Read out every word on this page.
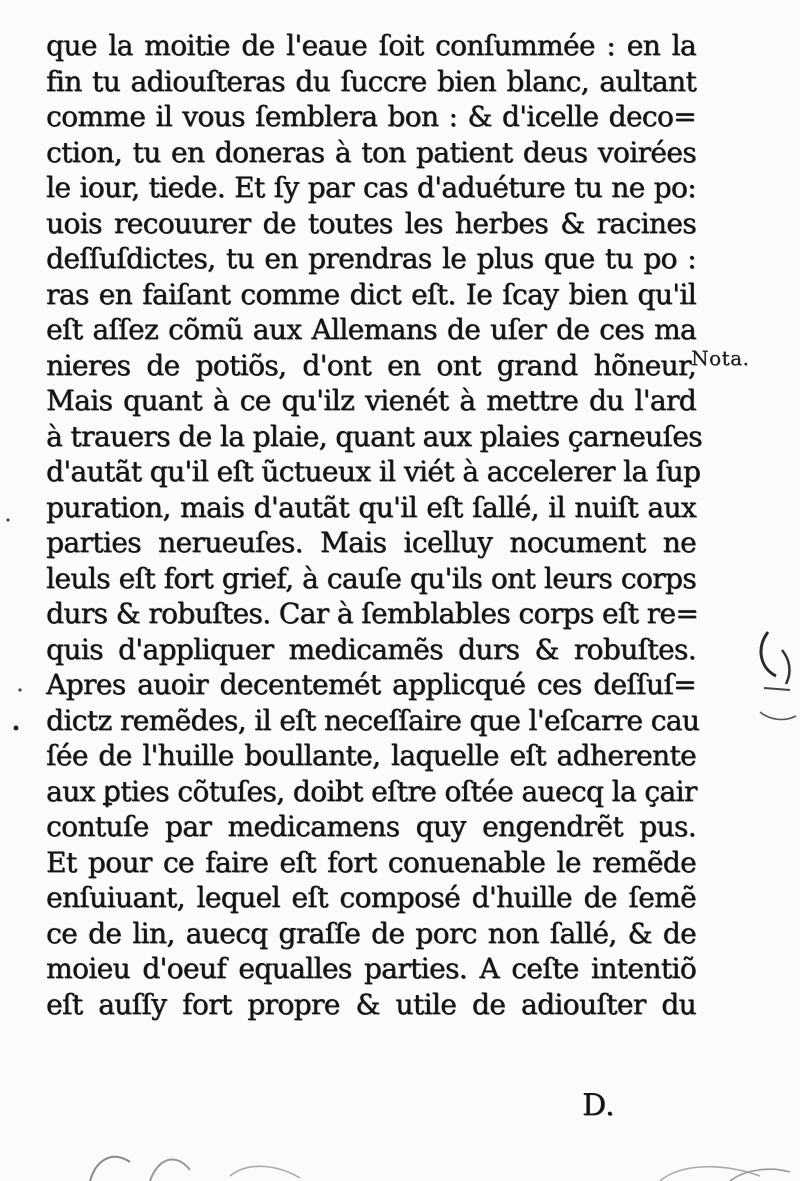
que la moitie de l'eaue ſoit conſummée : en la
fin tu adiouſteras du ſuccre bien blanc, aultant
comme il vous ſemblera bon : & d'icelle deco=
ction, tu en doneras à ton patient deus voirées
le iour, tiede. Et ſy par cas d'aduéture tu ne po:
uois recouurer de toutes les herbes & racines
deſſuſdictes, tu en prendras le plus que tu po :
ras en faiſant comme dict eſt. Ie ſcay bien qu'il
eſt aſſez cõmũ aux Allemans de uſer de ces ma
nieres de potiõs, d'ont en ont grand hõneur,
Mais quant à ce qu'ilz vienét à mettre du l'ard
à trauers de la plaie, quant aux plaies çarneuſes
d'autãt qu'il eſt ũctueux il viét à accelerer la ſup
puration, mais d'autãt qu'il eſt ſallé, il nuiſt aux
parties nerueuſes. Mais icelluy nocument ne
leuls eſt fort grief, à cauſe qu'ils ont leurs corps
durs & robuſtes. Car à ſemblables corps eſt re=
quis d'appliquer medicamẽs durs & robuſtes.
Apres auoir decentemét applicqué ces deſſuſ=
dictz remẽdes, il eſt neceſſaire que l'eſcarre cau
ſée de l'huille boullante, laquelle eſt adherente
aux ꝑties cõtuſes, doibt eſtre oſtée auecq la çair
contuſe par medicamens quy engendrẽt pus.
Et pour ce faire eſt fort conuenable le remẽde
enſuiuant, lequel eſt composé d'huille de ſemẽ
ce de lin, auecq graſſe de porc non ſallé, & de
moieu d'oeuf equalles parties. A ceſte intentiõ
eſt auſſy fort propre & utile de adiouſter du
Nota.
D.
